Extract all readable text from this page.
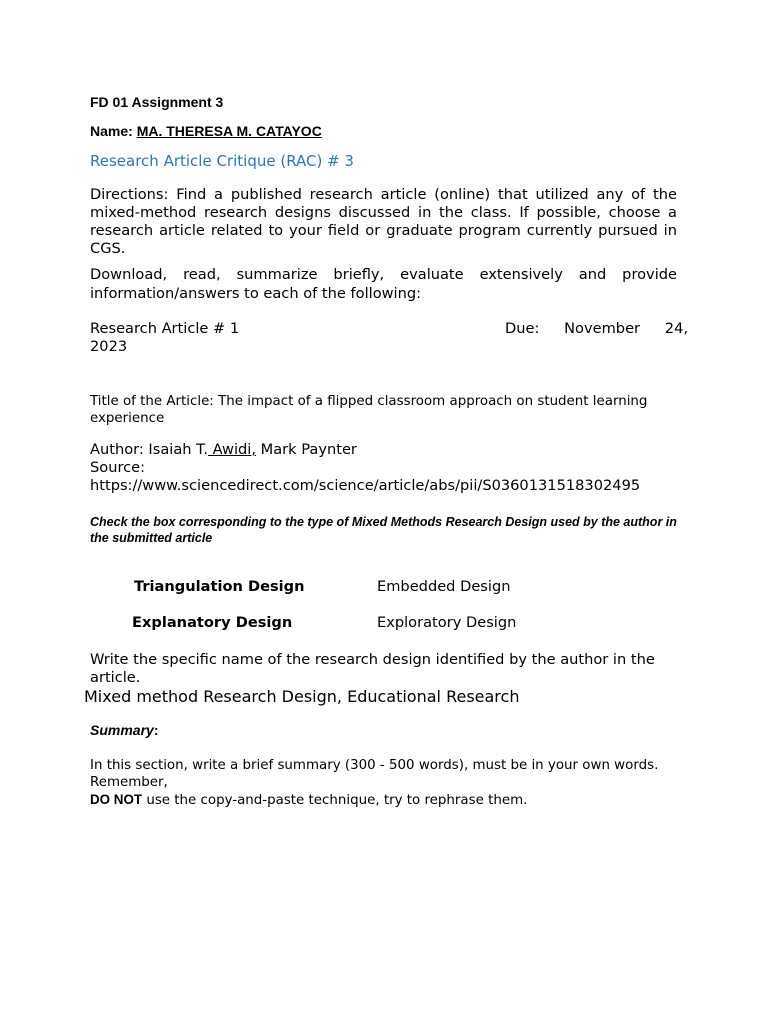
FD 01 Assignment 3
Name: MA. THERESA M. CATAYOC
Research Article Critique (RAC) # 3
Directions: Find a published research article (online) that utilized any of the mixed-method research designs discussed in the class. If possible, choose a research article related to your field or graduate program currently pursued in CGS.
Download, read, summarize briefly, evaluate extensively and provide information/answers to each of the following:
Research Article # 1	Due: November 24,
2023
Title of the Article: The impact of a flipped classroom approach on student learning experience
Author: Isaiah T. Awidi, Mark Paynter
Source:
https://www.sciencedirect.com/science/article/abs/pii/S0360131518302495
Check the box corresponding to the type of Mixed Methods Research Design used by the author in the submitted article
Triangulation Design	Embedded Design
Explanatory Design	Exploratory Design
Write the specific name of the research design identified by the author in the article.
Mixed method Research Design, Educational Research
Summary:
In this section, write a brief summary (300 - 500 words), must be in your own words. Remember,
DO NOT use the copy-and-paste technique, try to rephrase them.
